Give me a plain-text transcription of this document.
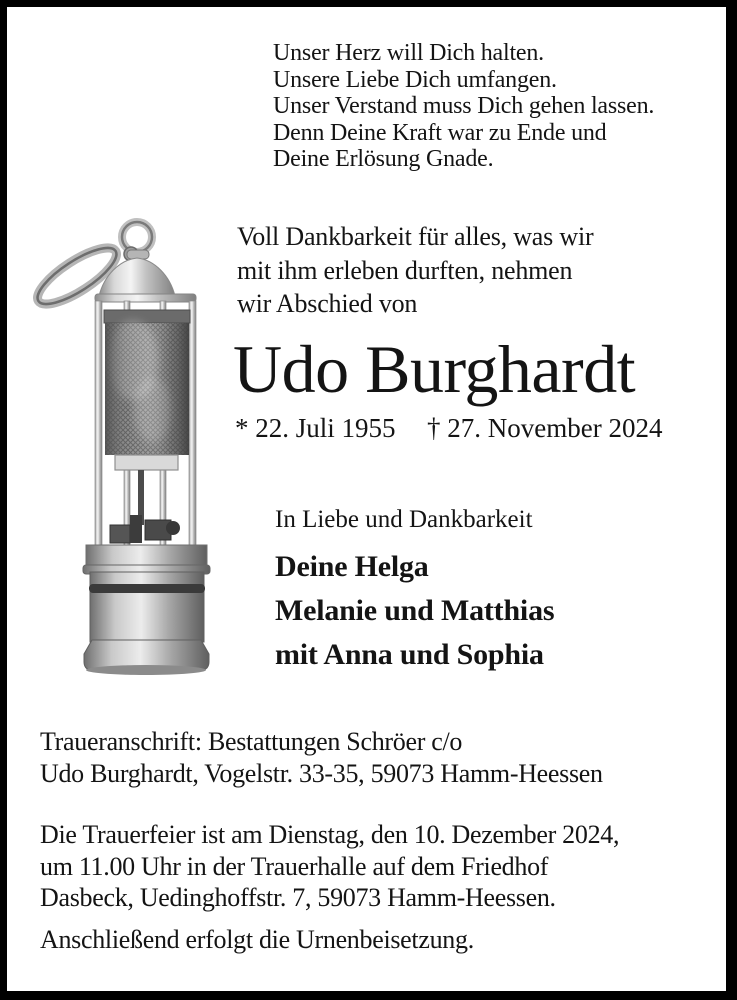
Unser Herz will Dich halten.
Unsere Liebe Dich umfangen.
Unser Verstand muss Dich gehen lassen.
Denn Deine Kraft war zu Ende und
Deine Erlösung Gnade.
Voll Dankbarkeit für alles, was wir
mit ihm erleben durften, nehmen
wir Abschied von
Udo Burghardt
* 22. Juli 1955 † 27. November 2024
In Liebe und Dankbarkeit
Deine Helga
Melanie und Matthias
mit Anna und Sophia
Traueranschrift: Bestattungen Schröer c/o
Udo Burghardt, Vogelstr. 33-35, 59073 Hamm-Heessen
Die Trauerfeier ist am Dienstag, den 10. Dezember 2024,
um 11.00 Uhr in der Trauerhalle auf dem Friedhof
Dasbeck, Uedinghoffstr. 7, 59073 Hamm-Heessen.
Anschließend erfolgt die Urnenbeisetzung.
